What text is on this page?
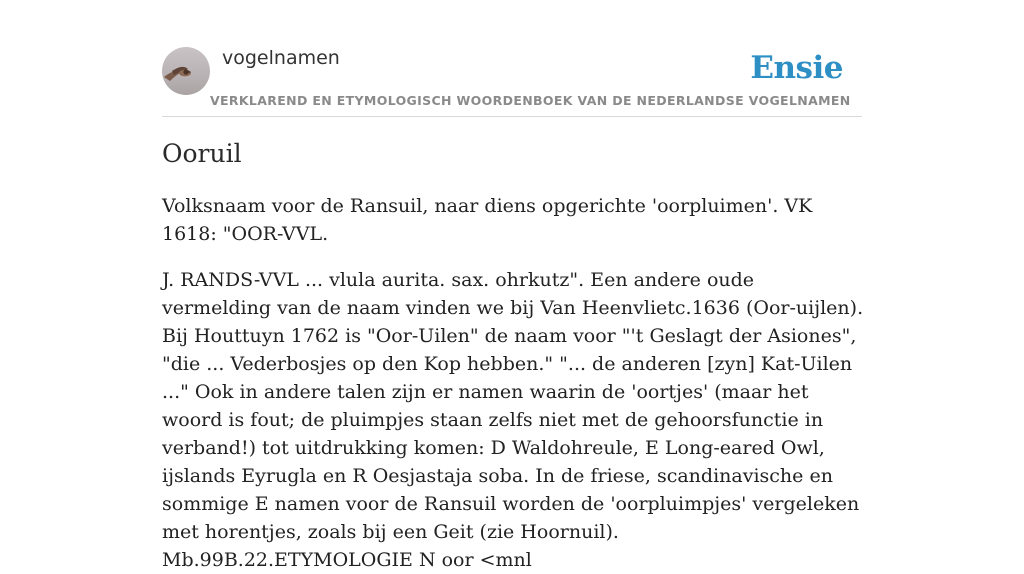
vogelnamen	Ensie
VERKLAREND EN ETYMOLOGISCH WOORDENBOEK VAN DE NEDERLANDSE VOGELNAMEN
Ooruil

Volksnaam voor de Ransuil, naar diens opgerichte 'oorpluimen'. VK 1618: "OOR-VVL.

J. RANDS-VVL ... vlula aurita. sax. ohrkutz". Een andere oude vermelding van de naam vinden we bij Van Heenvlietc.1636 (Oor-uijlen). Bij Houttuyn 1762 is "Oor-Uilen" de naam voor "'t Geslagt der Asiones", "die ... Vederbosjes op den Kop hebben." "... de anderen [zyn] Kat-Uilen ..." Ook in andere talen zijn er namen waarin de 'oortjes' (maar het woord is fout; de pluimpjes staan zelfs niet met de gehoorsfunctie in verband!) tot uitdrukking komen: D Waldohreule, E Long-eared Owl, ijslands Eyrugla en R Oesjastaja soba. In de friese, scandinavische en sommige E namen voor de Ransuil worden de 'oorpluimpjes' vergeleken met horentjes, zoals bij een Geit (zie Hoornuil). Mb.99B.22.ETYMOLOGIE N oor <mnl
